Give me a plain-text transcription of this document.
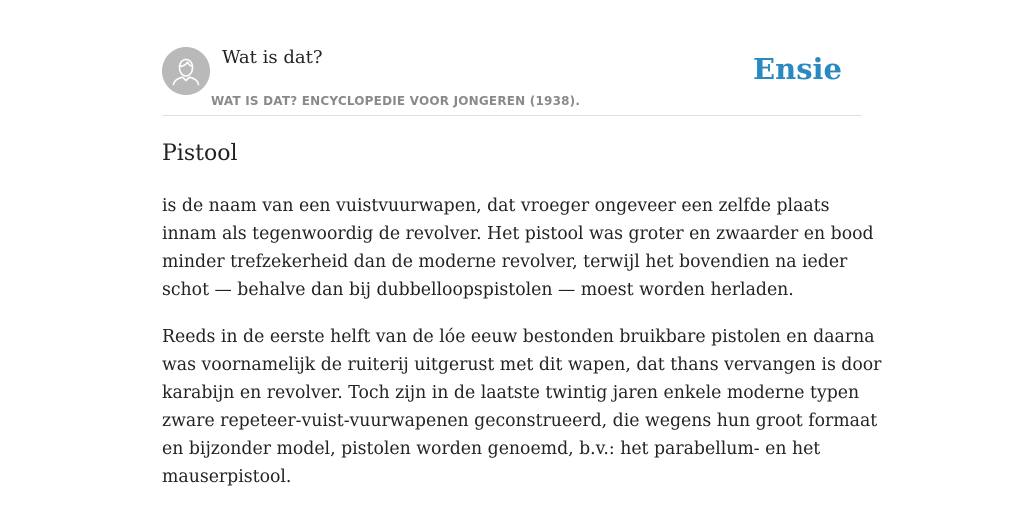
Wat is dat?
WAT IS DAT? ENCYCLOPEDIE VOOR JONGEREN (1938).
Ensie
Pistool

is de naam van een vuistvuurwapen, dat vroeger ongeveer een zelfde plaats
innam als tegenwoordig de revolver. Het pistool was groter en zwaarder en bood
minder trefzekerheid dan de moderne revolver, terwijl het bovendien na ieder
schot — behalve dan bij dubbelloopspistolen — moest worden herladen.

Reeds in de eerste helft van de lóe eeuw bestonden bruikbare pistolen en daarna
was voornamelijk de ruiterij uitgerust met dit wapen, dat thans vervangen is door
karabijn en revolver. Toch zijn in de laatste twintig jaren enkele moderne typen
zware repeteer-vuist-vuurwapenen geconstrueerd, die wegens hun groot formaat
en bijzonder model, pistolen worden genoemd, b.v.: het parabellum- en het
mauserpistool.
